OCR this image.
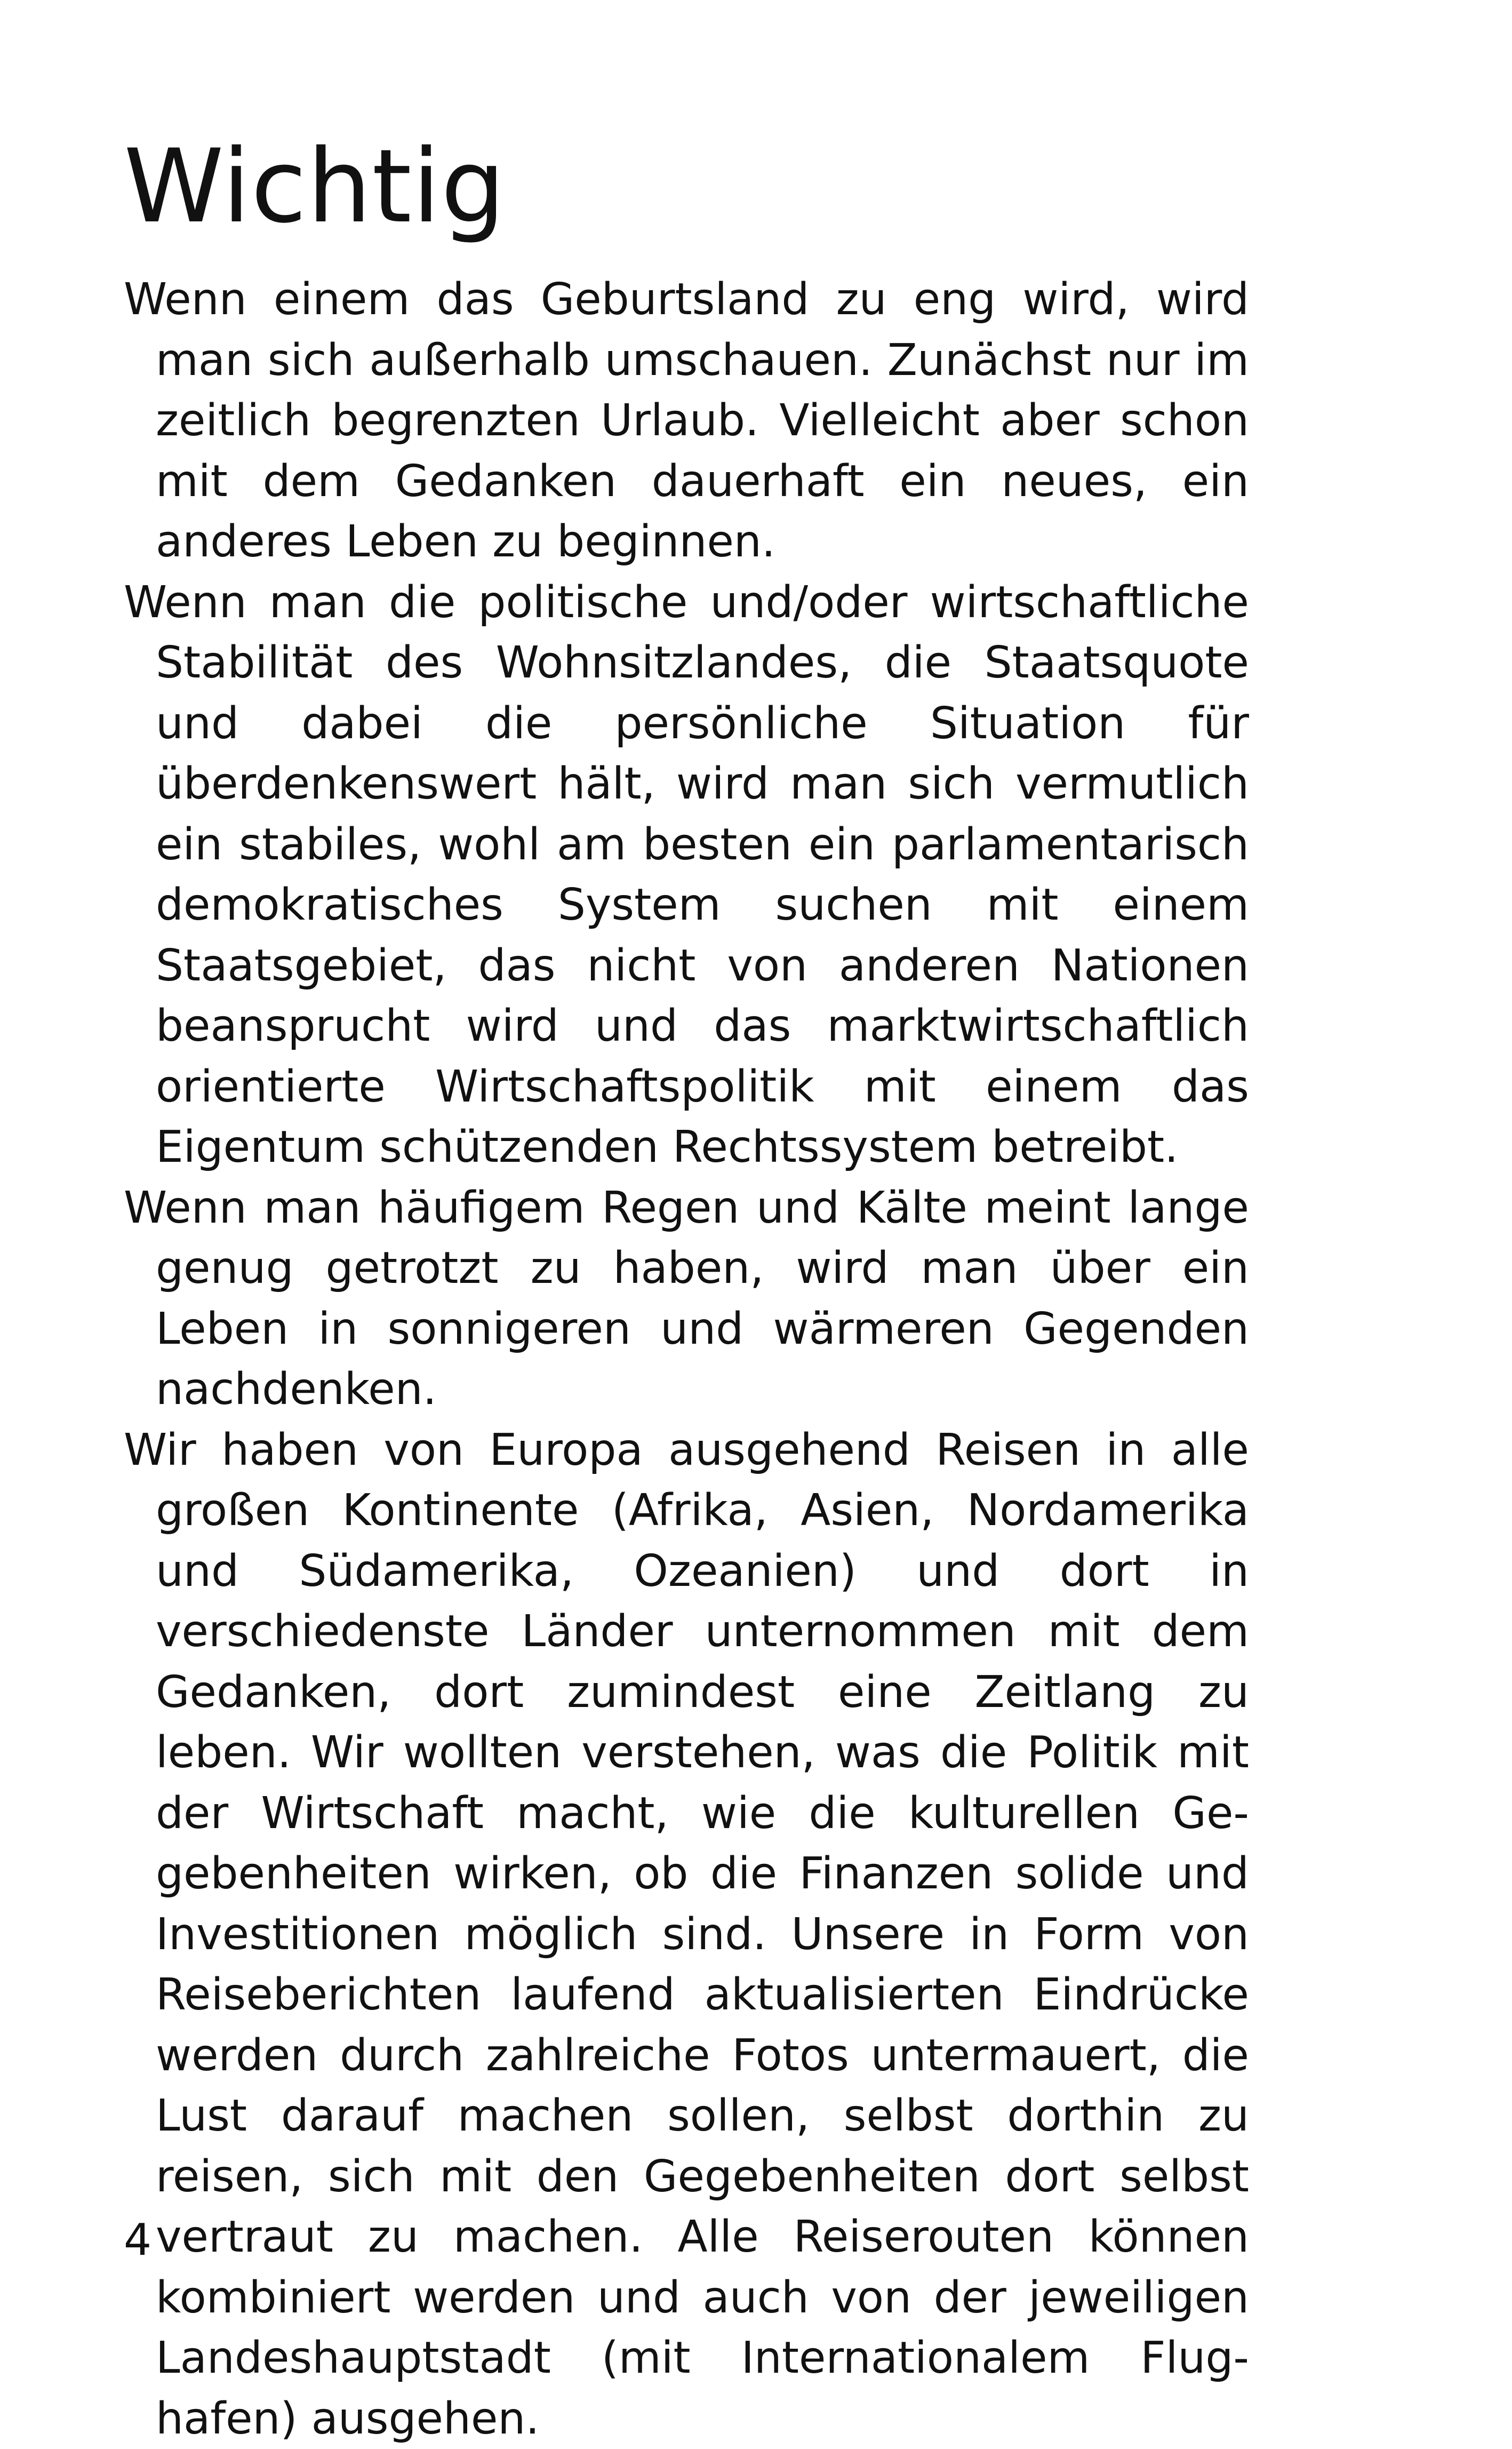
Wichtig

Wenn einem das Geburtsland zu eng wird, wird man sich außerhalb umschauen. Zunächst nur im zeitlich begrenzten Urlaub. Vielleicht aber schon mit dem Gedanken dauerhaft ein neues, ein anderes Leben zu beginnen.

Wenn man die politische und/oder wirtschaftliche Stabilität des Wohnsitzlandes, die Staatsquote und dabei die persönliche Situation für überdenkenswert hält, wird man sich vermutlich ein stabiles, wohl am besten ein parlamentarisch demokratisches System suchen mit einem Staatsgebiet, das nicht von anderen Nationen beansprucht wird und das marktwirtschaftlich orientierte Wirtschaftspolitik mit einem das Eigentum schützenden Rechtssystem betreibt.

Wenn man häufigem Regen und Kälte meint lange genug getrotzt zu haben, wird man über ein Leben in sonnigeren und wärmeren Gegenden nachdenken.

Wir haben von Europa ausgehend Reisen in alle großen Kontinente (Afrika, Asien, Nordamerika und Südamerika, Ozeanien) und dort in verschiedenste Länder unternommen mit dem Gedanken, dort zumindest eine Zeitlang zu leben. Wir wollten verstehen, was die Politik mit der Wirtschaft macht, wie die kulturellen Gegebenheiten wirken, ob die Finanzen solide und Investitionen möglich sind. Unsere in Form von Reiseberichten laufend aktualisierten Eindrücke werden durch zahlreiche Fotos untermauert, die Lust darauf machen sollen, selbst dorthin zu reisen, sich mit den Gegebenheiten dort selbst vertraut zu machen. Alle Reiserouten können kombiniert werden und auch von der jeweiligen Landeshauptstadt (mit Internationalem Flughafen) ausgehen.

4
